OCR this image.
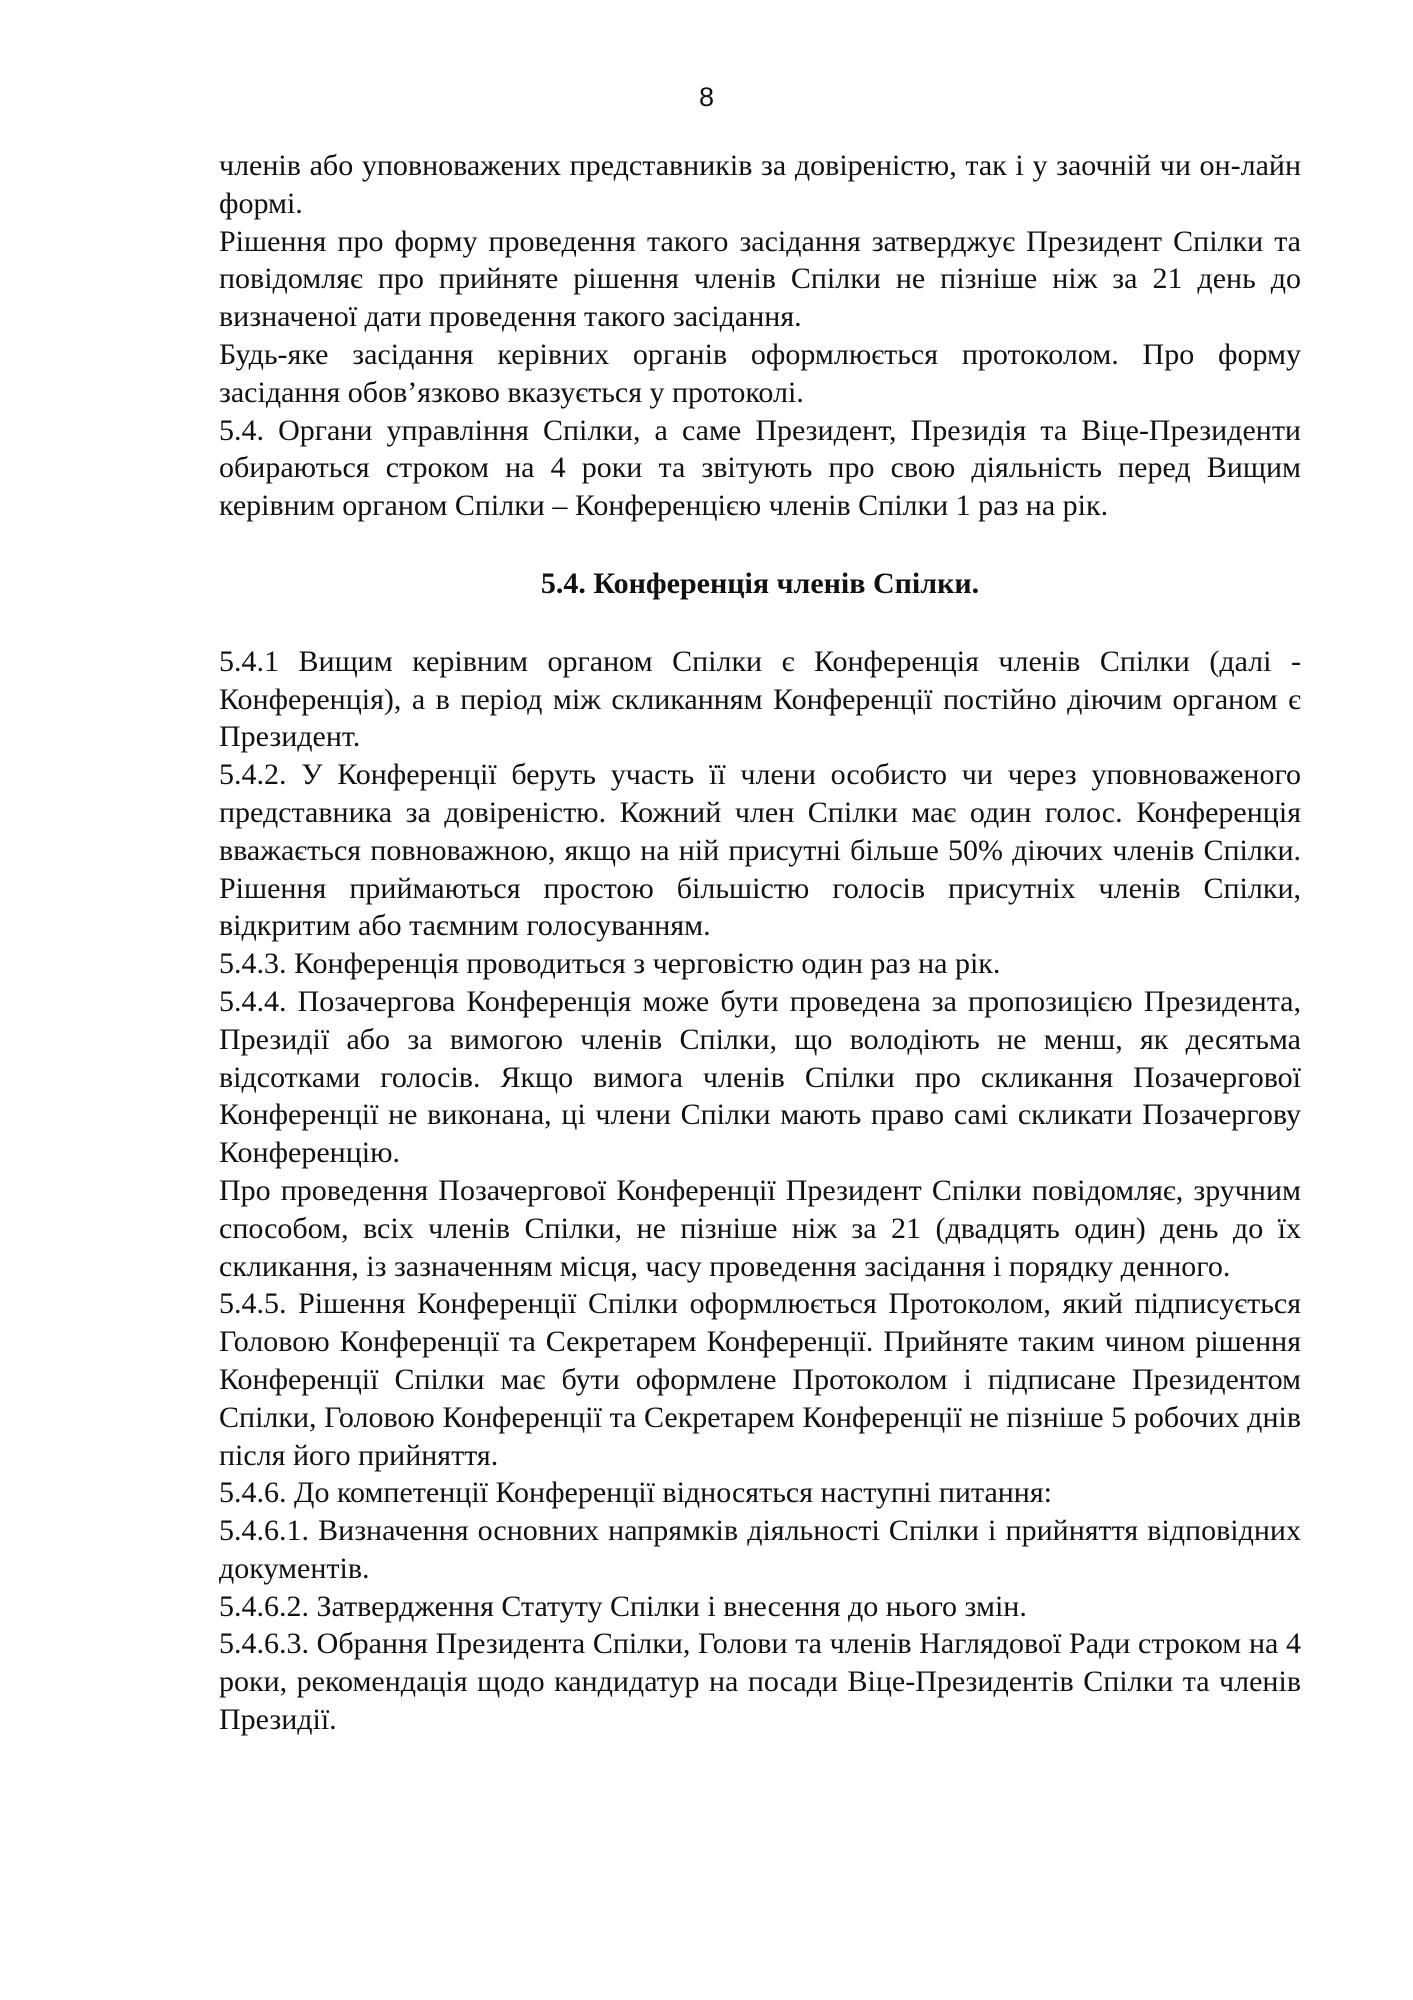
8

членів або уповноважених представників за довіреністю, так і у заочній чи он-лайн формі.

Рішення про форму проведення такого засідання затверджує Президент Спілки та повідомляє про прийняте рішення членів Спілки не пізніше ніж за 21 день до визначеної дати проведення такого засідання.

Будь-яке засідання керівних органів оформлюється протоколом. Про форму засідання обов’язково вказується у протоколі.

5.4. Органи управління Спілки, а саме Президент, Президія та Віце-Президенти обираються строком на 4 роки та звітують про свою діяльність перед Вищим керівним органом Спілки – Конференцією членів Спілки 1 раз на рік.

5.4. Конференція членів Спілки.

5.4.1 Вищим керівним органом Спілки є Конференція членів Спілки (далі - Конференція), а в період між скликанням Конференції постійно діючим органом є Президент.

5.4.2. У Конференції беруть участь її члени особисто чи через уповноваженого представника за довіреністю. Кожний член Спілки має один голос. Конференція вважається повноважною, якщо на ній присутні більше 50% діючих членів Спілки. Рішення приймаються простою більшістю голосів присутніх членів Спілки, відкритим або таємним голосуванням.

5.4.3. Конференція проводиться з черговістю один раз на рік.

5.4.4. Позачергова Конференція може бути проведена за пропозицією Президента, Президії або за вимогою членів Спілки, що володіють не менш, як десятьма відсотками голосів. Якщо вимога членів Спілки про скликання Позачергової Конференції не виконана, ці члени Спілки мають право самі скликати Позачергову Конференцію.

Про проведення Позачергової Конференції Президент Спілки повідомляє, зручним способом, всіх членів Спілки, не пізніше ніж за 21 (двадцять один) день до їх скликання, із зазначенням місця, часу проведення засідання і порядку денного.

5.4.5. Рішення Конференції Спілки оформлюється Протоколом, який підписується Головою Конференції та Секретарем Конференції. Прийняте таким чином рішення Конференції Спілки має бути оформлене Протоколом і підписане Президентом Спілки, Головою Конференції та Секретарем Конференції не пізніше 5 робочих днів після його прийняття.

5.4.6. До компетенції Конференції відносяться наступні питання:

5.4.6.1. Визначення основних напрямків діяльності Спілки і прийняття відповідних документів.

5.4.6.2. Затвердження Статуту Спілки і внесення до нього змін.

5.4.6.3. Обрання Президента Спілки, Голови та членів Наглядової Ради строком на 4 роки, рекомендація щодо кандидатур на посади Віце-Президентів Спілки та членів Президії.
